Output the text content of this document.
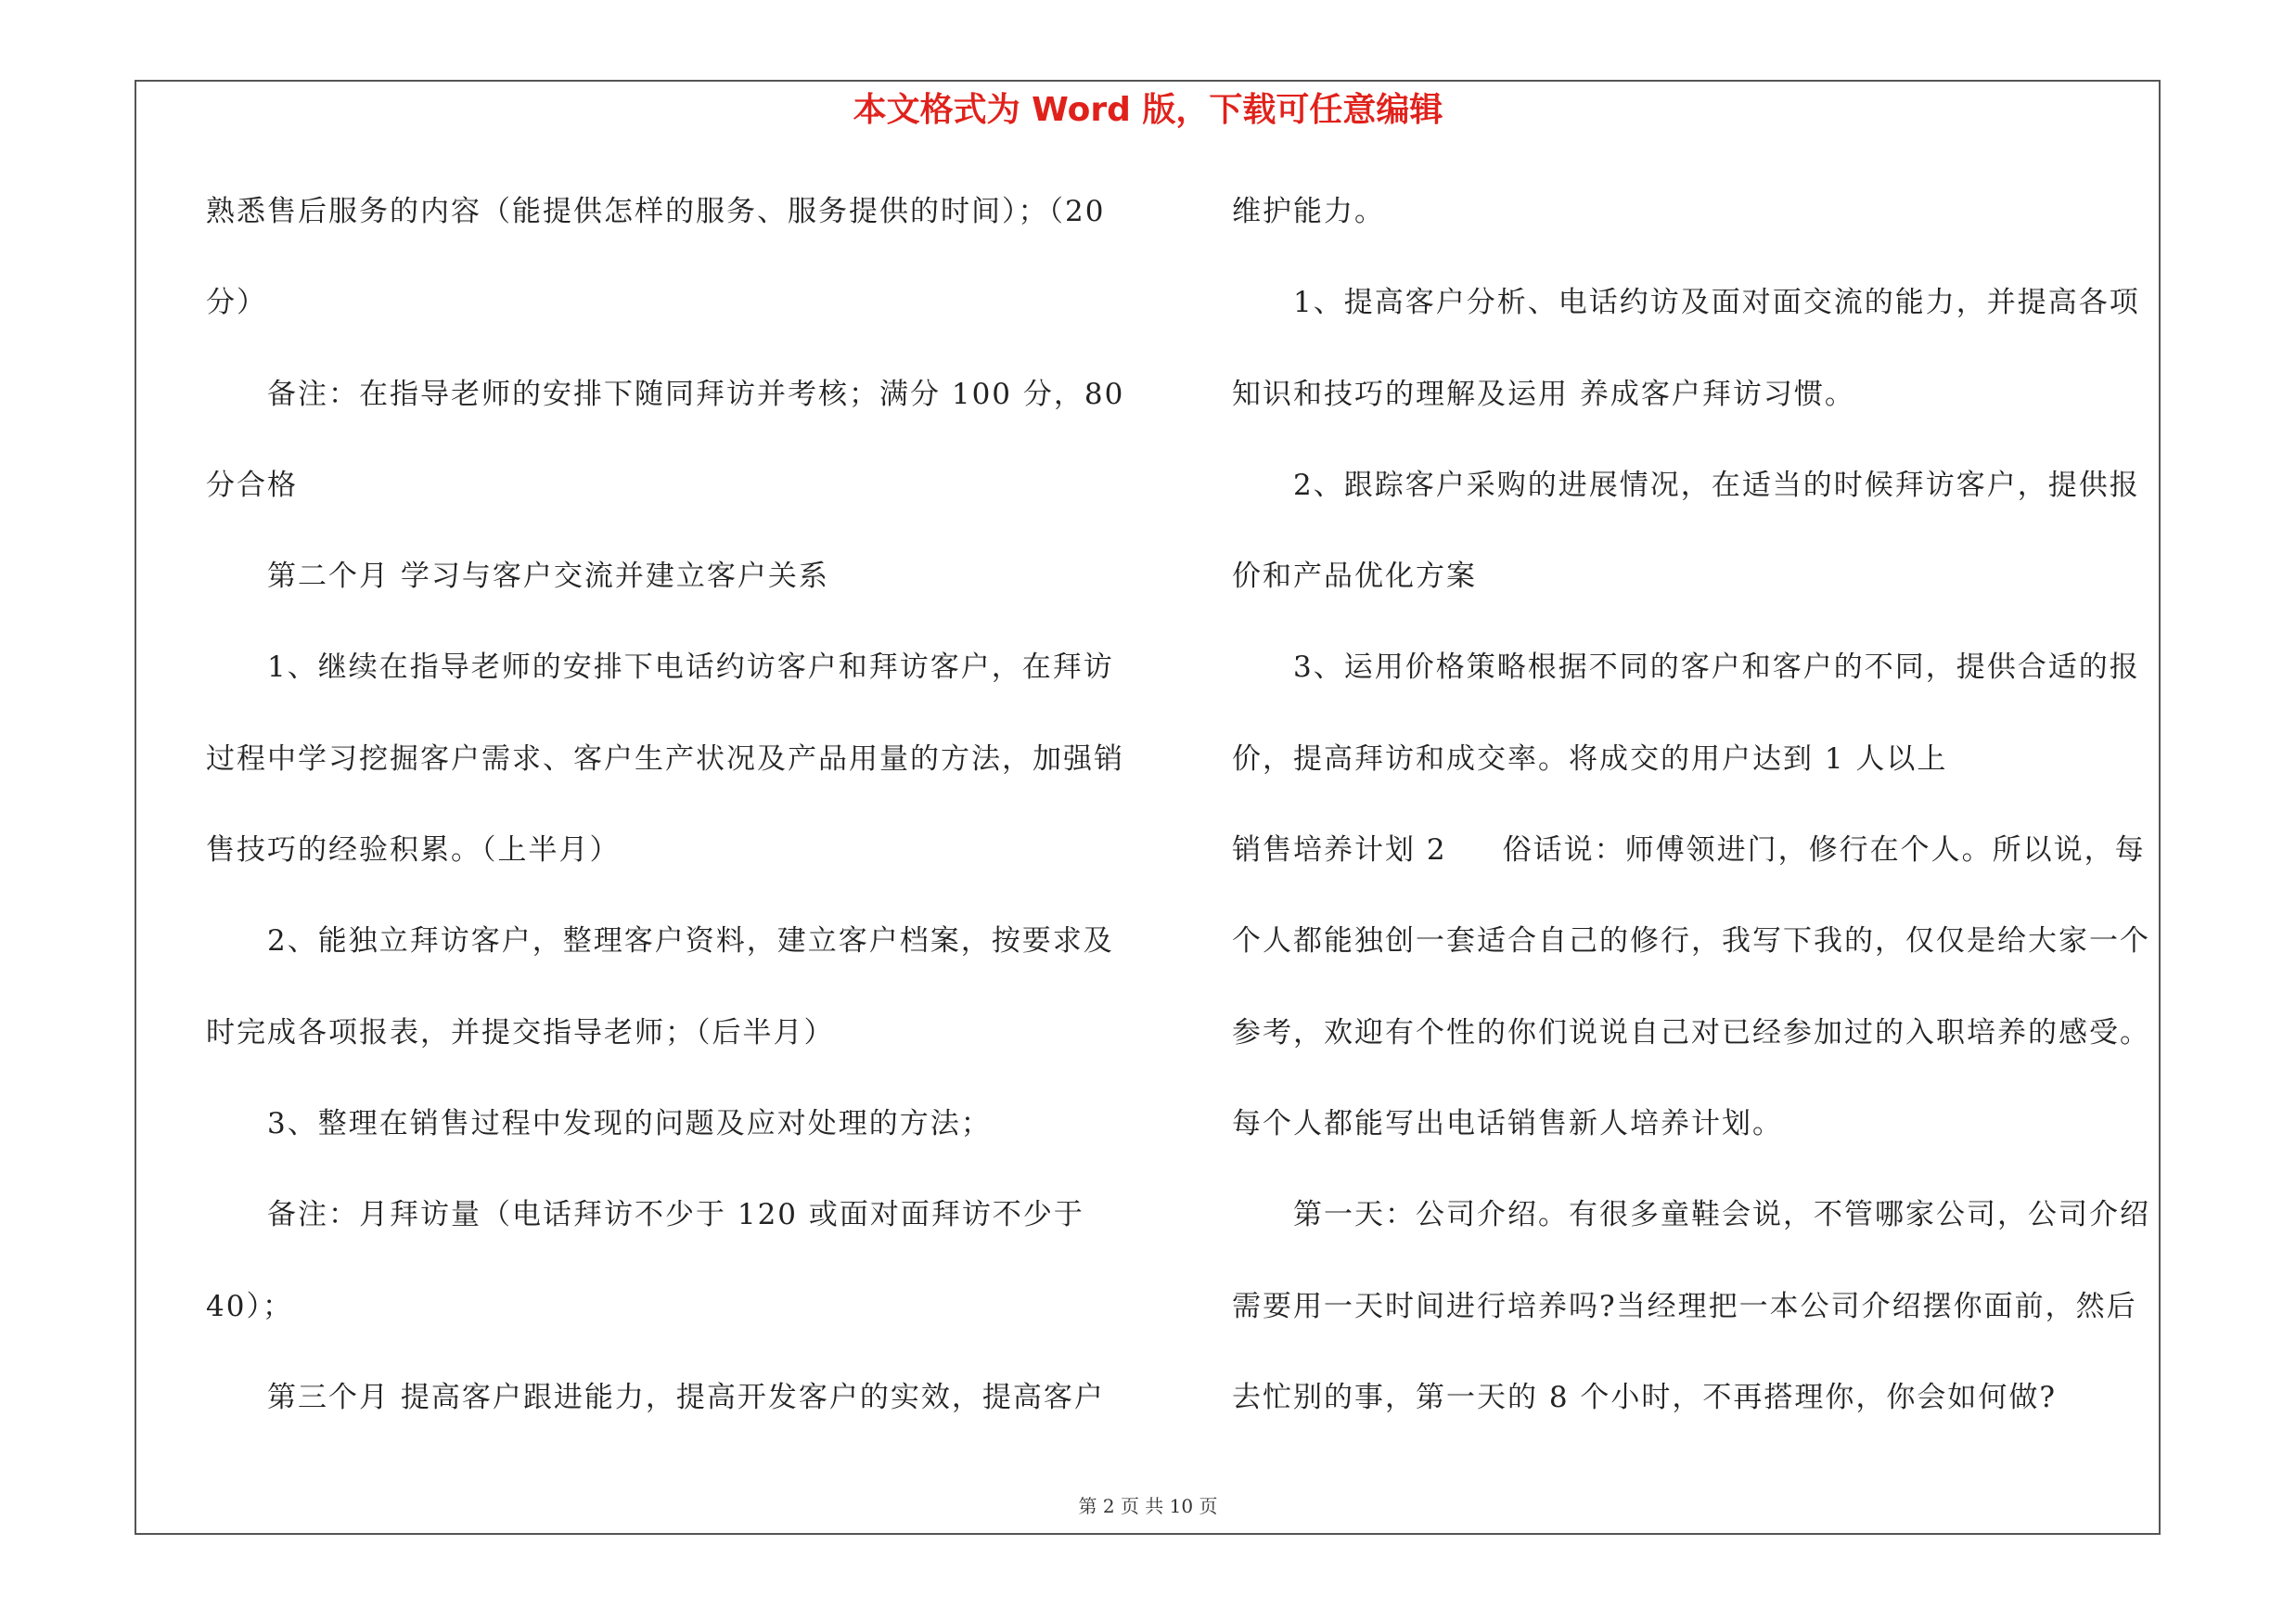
本文格式为 Word 版，下载可任意编辑
熟悉售后服务的内容（能提供怎样的服务、服务提供的时间）；（20
分）
备注：在指导老师的安排下随同拜访并考核；满分 100 分，80
分合格
第二个月 学习与客户交流并建立客户关系
1、继续在指导老师的安排下电话约访客户和拜访客户，在拜访
过程中学习挖掘客户需求、客户生产状况及产品用量的方法，加强销
售技巧的经验积累。（上半月）
2、能独立拜访客户，整理客户资料，建立客户档案，按要求及
时完成各项报表，并提交指导老师；（后半月）
3、整理在销售过程中发现的问题及应对处理的方法；
备注：月拜访量（电话拜访不少于 120 或面对面拜访不少于
40）；
第三个月 提高客户跟进能力，提高开发客户的实效，提高客户
维护能力。
1、提高客户分析、电话约访及面对面交流的能力，并提高各项
知识和技巧的理解及运用 养成客户拜访习惯。
2、跟踪客户采购的进展情况，在适当的时候拜访客户，提供报
价和产品优化方案
3、运用价格策略根据不同的客户和客户的不同，提供合适的报
价，提高拜访和成交率。将成交的用户达到 1 人以上
销售培养计划 2 俗话说：师傅领进门，修行在个人。所以说，每
个人都能独创一套适合自己的修行，我写下我的，仅仅是给大家一个
参考，欢迎有个性的你们说说自己对已经参加过的入职培养的感受。
每个人都能写出电话销售新人培养计划。
第一天：公司介绍。有很多童鞋会说，不管哪家公司，公司介绍
需要用一天时间进行培养吗?当经理把一本公司介绍摆你面前，然后
去忙别的事，第一天的 8 个小时，不再搭理你，你会如何做?
第 2 页 共 10 页
